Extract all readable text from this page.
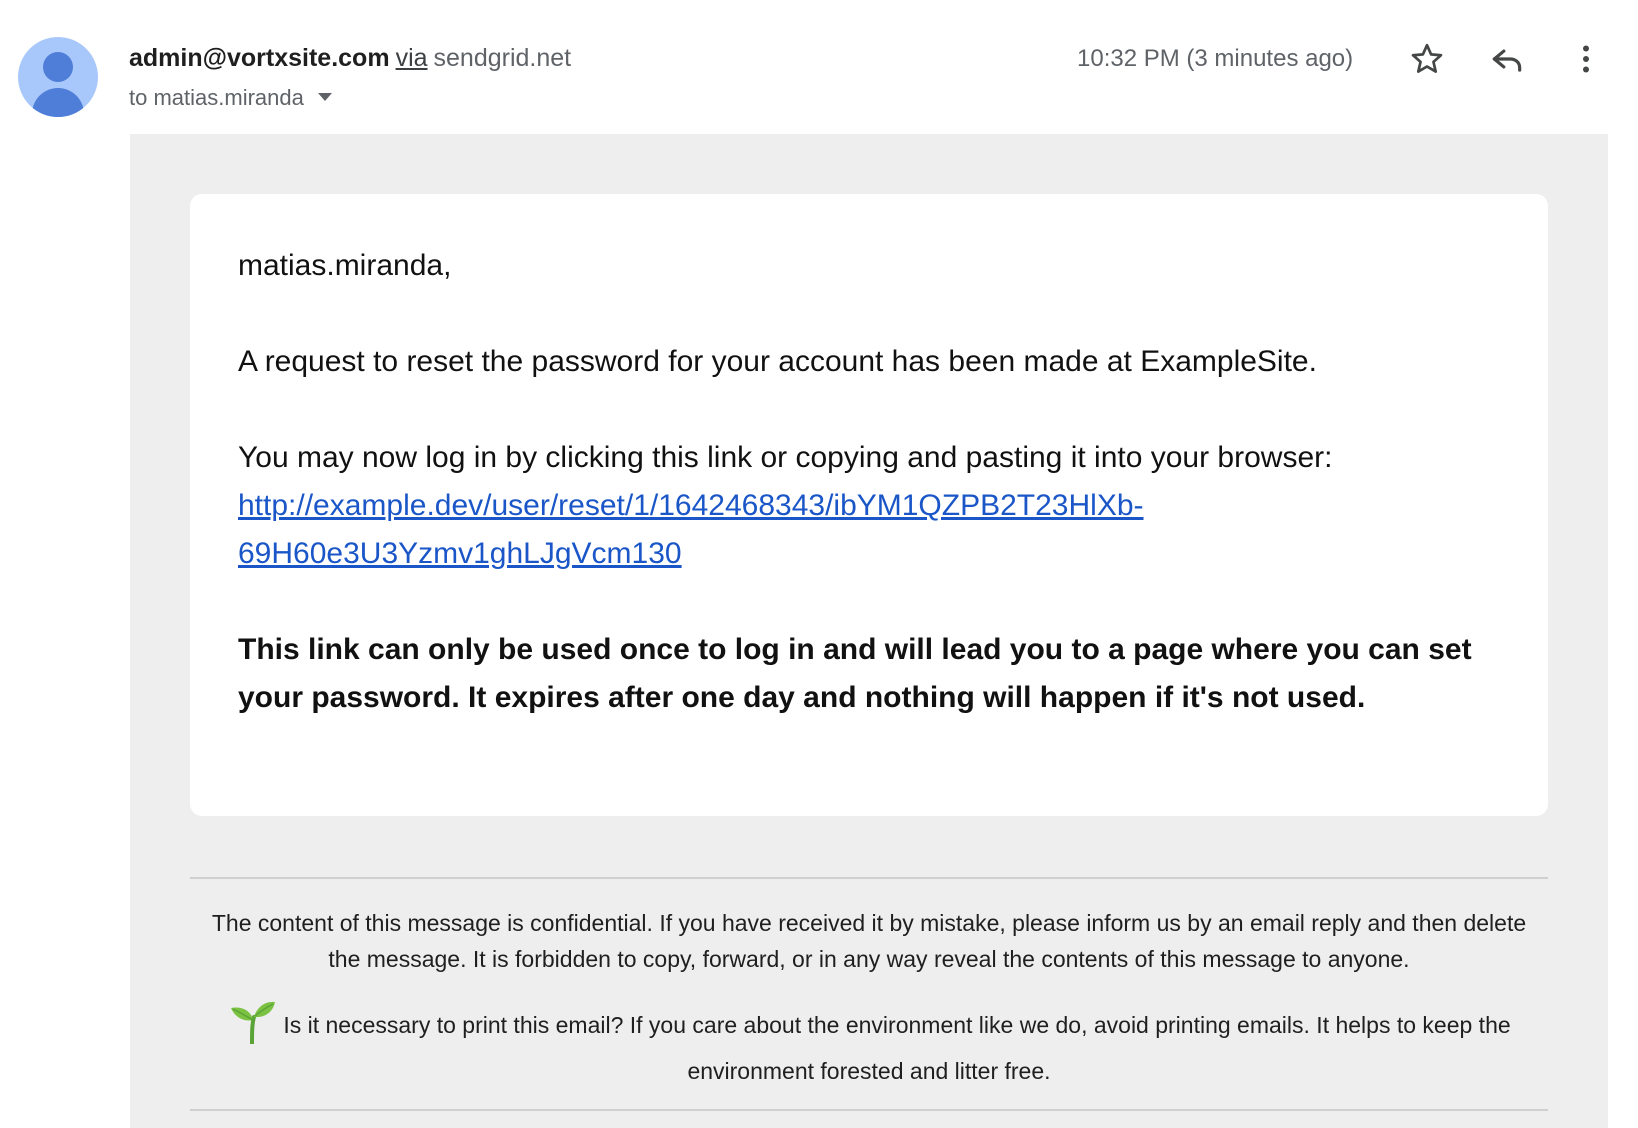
admin@vortxsite.com via sendgrid.net
to matias.miranda
10:32 PM (3 minutes ago)

matias.miranda,

A request to reset the password for your account has been made at ExampleSite.

You may now log in by clicking this link or copying and pasting it into your browser:
http://example.dev/user/reset/1/1642468343/ibYM1QZPB2T23HlXb-69H60e3U3Yzmv1ghLJgVcm130

This link can only be used once to log in and will lead you to a page where you can set your password. It expires after one day and nothing will happen if it's not used.

The content of this message is confidential. If you have received it by mistake, please inform us by an email reply and then delete the message. It is forbidden to copy, forward, or in any way reveal the contents of this message to anyone.
Is it necessary to print this email? If you care about the environment like we do, avoid printing emails. It helps to keep the environment forested and litter free.
